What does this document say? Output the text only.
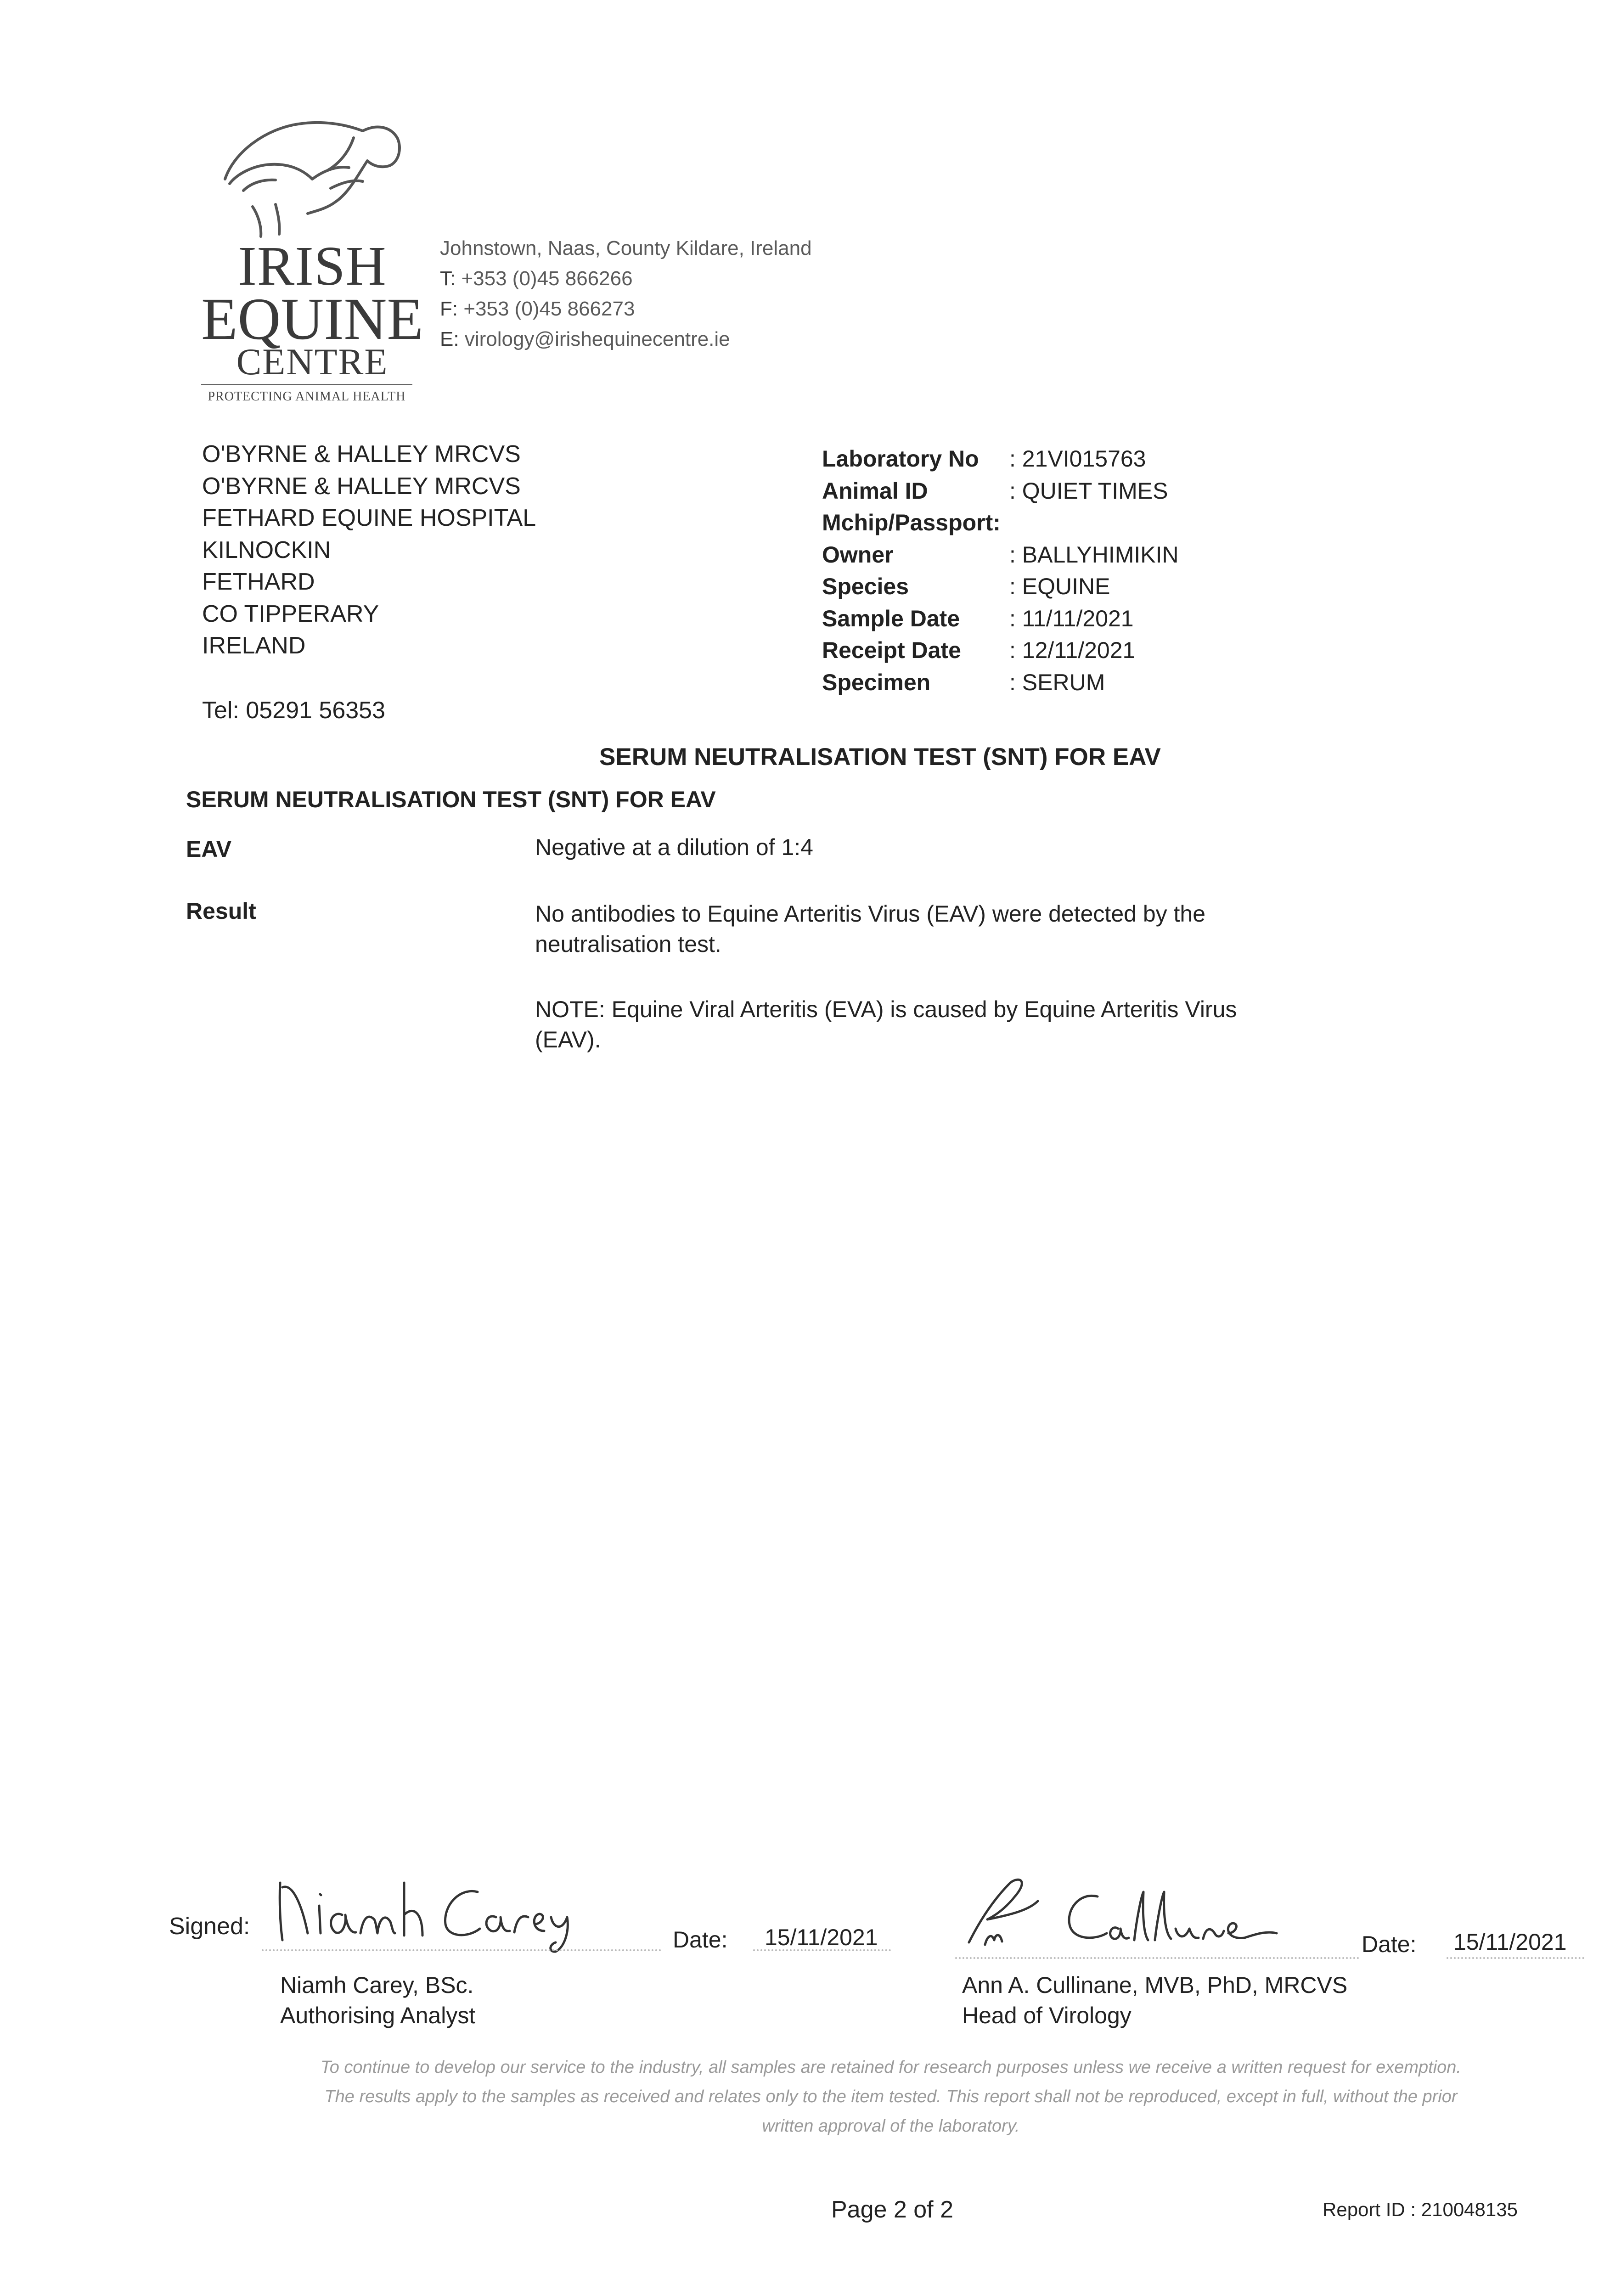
IRISH
EQUINE
CENTRE
PROTECTING ANIMAL HEALTH
Johnstown, Naas, County Kildare, Ireland
T: +353 (0)45 866266
F: +353 (0)45 866273
E: virology@irishequinecentre.ie
O'BYRNE & HALLEY MRCVS
O'BYRNE & HALLEY MRCVS
FETHARD EQUINE HOSPITAL
KILNOCKIN
FETHARD
CO TIPPERARY
IRELAND
Tel: 05291 56353
Laboratory No : 21VI015763
Animal ID	: QUIET TIMES
Mchip/Passport:
Owner	: BALLYHIMIKIN
Species	: EQUINE
Sample Date : 11/11/2021
Receipt Date : 12/11/2021
Specimen	: SERUM
SERUM NEUTRALISATION TEST (SNT) FOR EAV
SERUM NEUTRALISATION TEST (SNT) FOR EAV
EAV	Negative at a dilution of 1:4
Result	No antibodies to Equine Arteritis Virus (EAV) were detected by the
neutralisation test.
NOTE: Equine Viral Arteritis (EVA) is caused by Equine Arteritis Virus
(EAV).
Signed:	Date: 15/11/2021	Date: 15/11/2021
Niamh Carey, BSc.
Authorising Analyst
Ann A. Cullinane, MVB, PhD, MRCVS
Head of Virology
To continue to develop our service to the industry, all samples are retained for research purposes unless we receive a written request for exemption.
The results apply to the samples as received and relates only to the item tested. This report shall not be reproduced, except in full, without the prior
written approval of the laboratory.
Page 2 of 2	Report ID : 210048135
